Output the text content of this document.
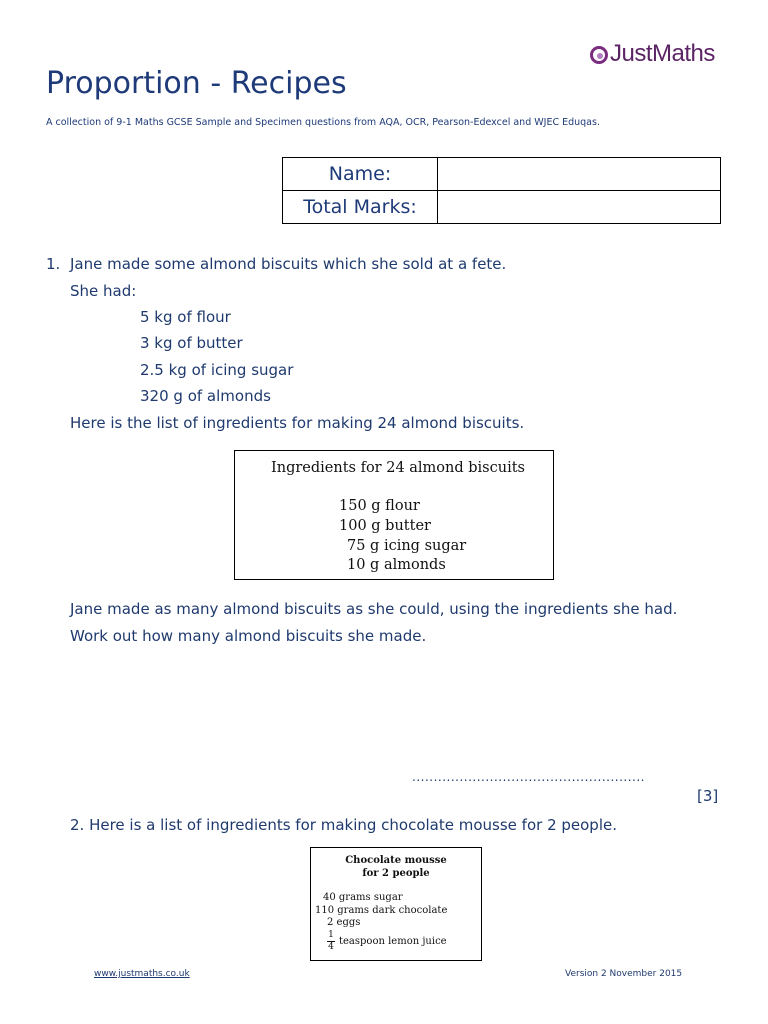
JustMaths
Proportion - Recipes
A collection of 9-1 Maths GCSE Sample and Specimen questions from AQA, OCR, Pearson-Edexcel and WJEC Eduqas.
Name:	
Total Marks:	
1. Jane made some almond biscuits which she sold at a fete.
She had:
5 kg of flour
3 kg of butter
2.5 kg of icing sugar
320 g of almonds
Here is the list of ingredients for making 24 almond biscuits.
Ingredients for 24 almond biscuits
150 g flour
100 g butter
75 g icing sugar
10 g almonds
Jane made as many almond biscuits as she could, using the ingredients she had.
Work out how many almond biscuits she made.
......................................................
[3]
2. Here is a list of ingredients for making chocolate mousse for 2 people.
Chocolate mousse
for 2 people
40 grams sugar
110 grams dark chocolate
2 eggs
$\frac{1}{4}$ teaspoon lemon juice
www.justmaths.co.uk	Version 2 November 2015
